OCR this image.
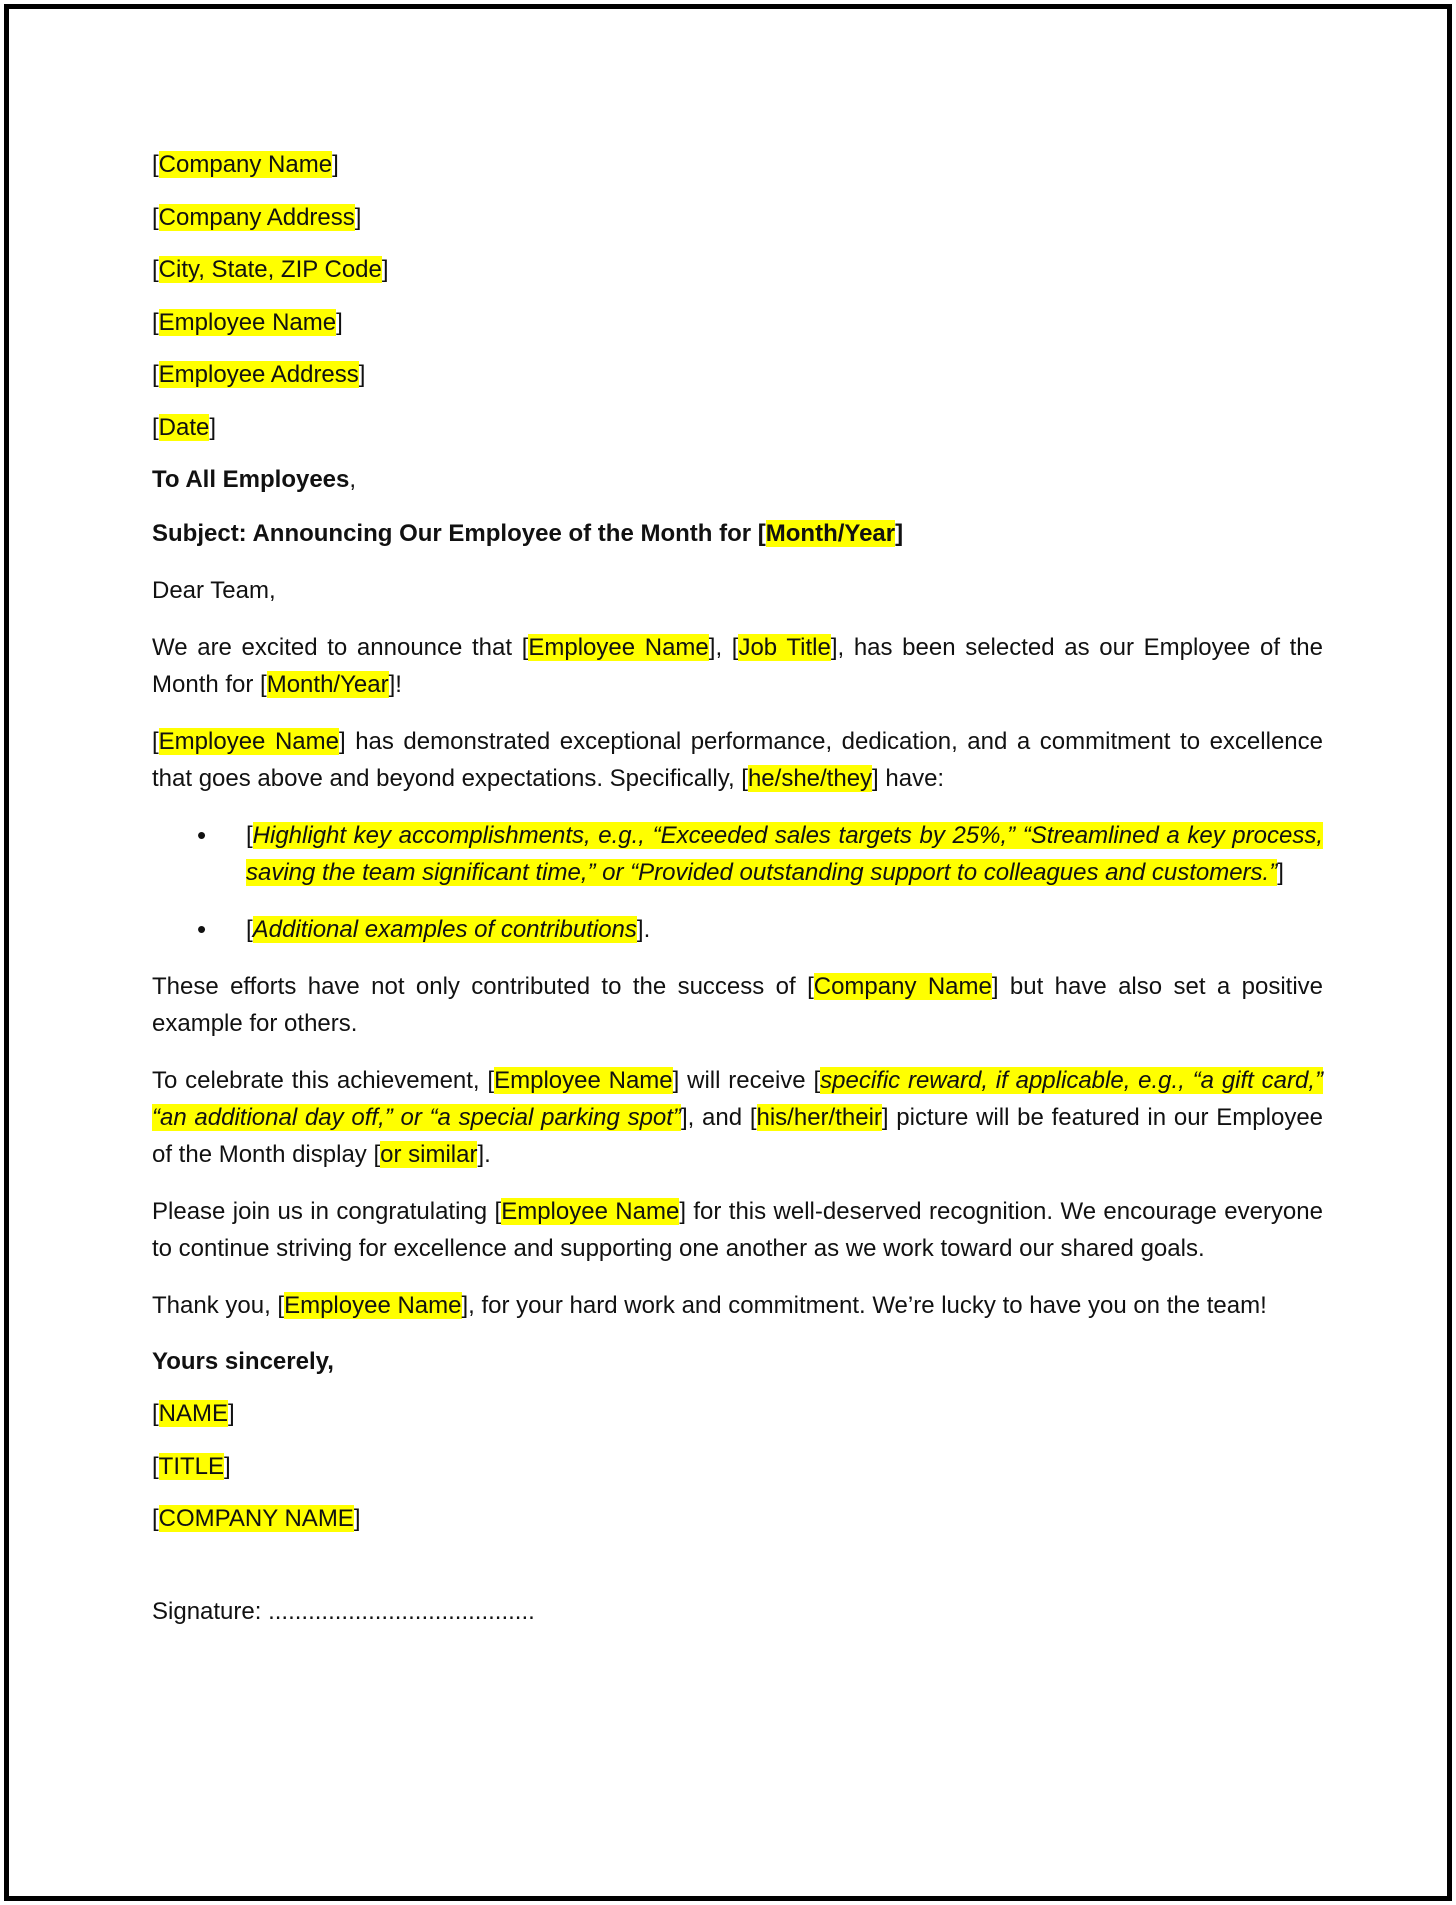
[Company Name]
[Company Address]
[City, State, ZIP Code]
[Employee Name]
[Employee Address]
[Date]
To All Employees,
Subject: Announcing Our Employee of the Month for [Month/Year]
Dear Team,
We are excited to announce that [Employee Name], [Job Title], has been selected as our Employee of the Month for [Month/Year]!
[Employee Name] has demonstrated exceptional performance, dedication, and a commitment to excellence that goes above and beyond expectations. Specifically, [he/she/they] have:
• [Highlight key accomplishments, e.g., “Exceeded sales targets by 25%,” “Streamlined a key process, saving the team significant time,” or “Provided outstanding support to colleagues and customers.”]
• [Additional examples of contributions].
These efforts have not only contributed to the success of [Company Name] but have also set a positive example for others.
To celebrate this achievement, [Employee Name] will receive [specific reward, if applicable, e.g., “a gift card,” “an additional day off,” or “a special parking spot”], and [his/her/their] picture will be featured in our Employee of the Month display [or similar].
Please join us in congratulating [Employee Name] for this well-deserved recognition. We encourage everyone to continue striving for excellence and supporting one another as we work toward our shared goals.
Thank you, [Employee Name], for your hard work and commitment. We’re lucky to have you on the team!
Yours sincerely,
[NAME]
[TITLE]
[COMPANY NAME]
Signature: ........................................
